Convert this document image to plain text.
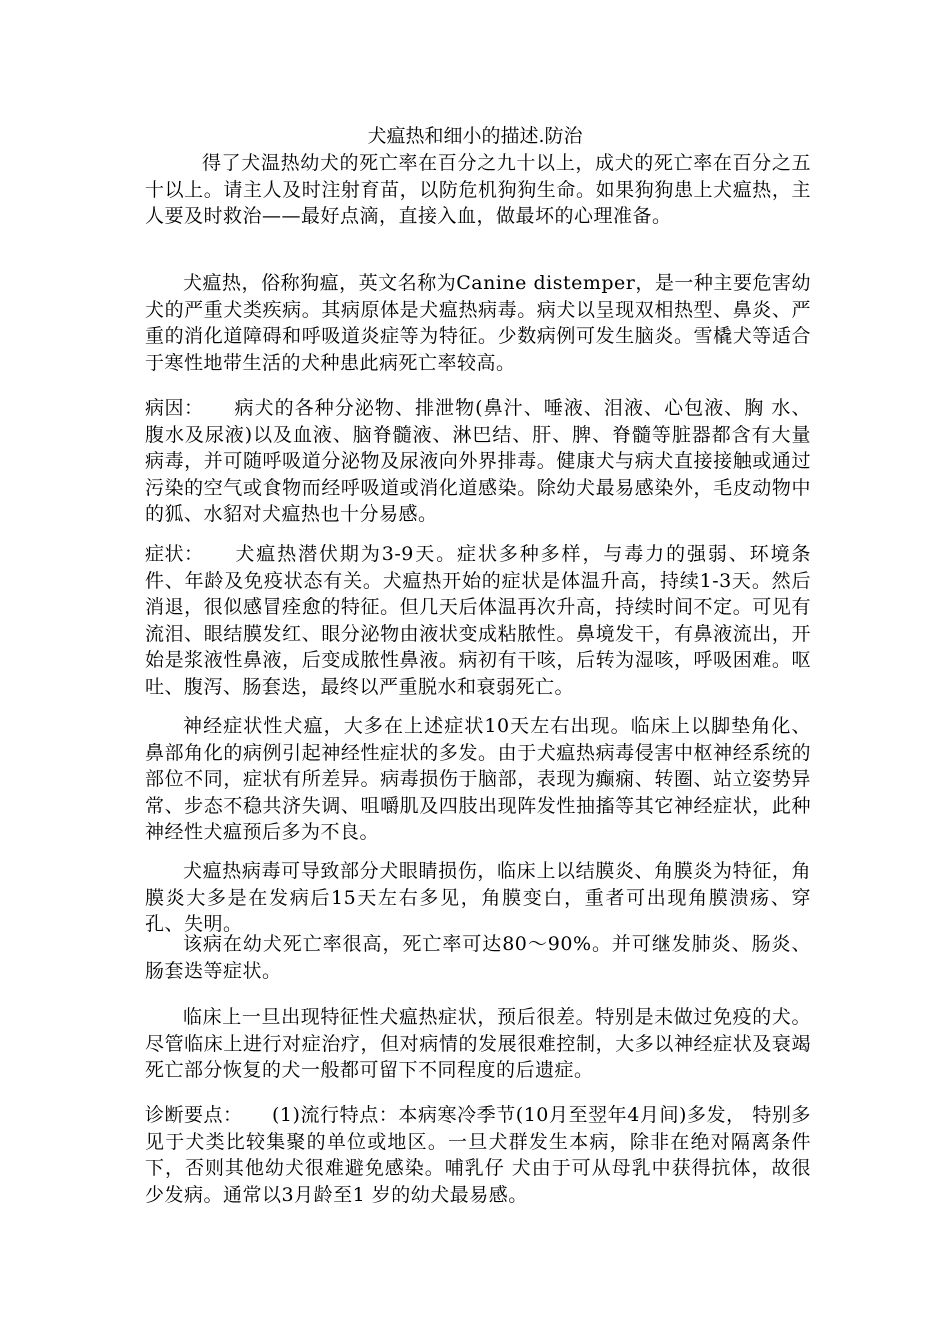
犬瘟热和细小的描述.防治
得了犬温热幼犬的死亡率在百分之九十以上，成犬的死亡率在百分之五十以上。请主人及时注射育苗，以防危机狗狗生命。如果狗狗患上犬瘟热，主人要及时救治——最好点滴，直接入血，做最坏的心理准备。
犬瘟热，俗称狗瘟，英文名称为Canine distemper，是一种主要危害幼犬的严重犬类疾病。其病原体是犬瘟热病毒。病犬以呈现双相热型、鼻炎、严重的消化道障碍和呼吸道炎症等为特征。少数病例可发生脑炎。雪橇犬等适合于寒性地带生活的犬种患此病死亡率较高。
病因： 病犬的各种分泌物、排泄物(鼻汁、唾液、泪液、心包液、胸 水、腹水及尿液)以及血液、脑脊髓液、淋巴结、肝、脾、脊髓等脏器都含有大量病毒，并可随呼吸道分泌物及尿液向外界排毒。健康犬与病犬直接接触或通过污染的空气或食物而经呼吸道或消化道感染。除幼犬最易感染外，毛皮动物中的狐、水貂对犬瘟热也十分易感。
症状： 犬瘟热潜伏期为3-9天。症状多种多样，与毒力的强弱、环境条件、年龄及免疫状态有关。犬瘟热开始的症状是体温升高，持续1-3天。然后消退，很似感冒痊愈的特征。但几天后体温再次升高，持续时间不定。可见有流泪、眼结膜发红、眼分泌物由液状变成粘脓性。鼻境发干，有鼻液流出，开始是浆液性鼻液，后变成脓性鼻液。病初有干咳，后转为湿咳，呼吸困难。呕吐、腹泻、肠套迭，最终以严重脱水和衰弱死亡。
神经症状性犬瘟，大多在上述症状10天左右出现。临床上以脚垫角化、鼻部角化的病例引起神经性症状的多发。由于犬瘟热病毒侵害中枢神经系统的部位不同，症状有所差异。病毒损伤于脑部，表现为癫痫、转圈、站立姿势异常、步态不稳共济失调、咀嚼肌及四肢出现阵发性抽搐等其它神经症状，此种神经性犬瘟预后多为不良。
犬瘟热病毒可导致部分犬眼睛损伤，临床上以结膜炎、角膜炎为特征，角膜炎大多是在发病后15天左右多见，角膜变白，重者可出现角膜溃疡、穿孔、失明。
该病在幼犬死亡率很高，死亡率可达80～90%。并可继发肺炎、肠炎、肠套迭等症状。
临床上一旦出现特征性犬瘟热症状，预后很差。特别是未做过免疫的犬。尽管临床上进行对症治疗，但对病情的发展很难控制，大多以神经症状及衰竭死亡部分恢复的犬一般都可留下不同程度的后遗症。
诊断要点： (1)流行特点：本病寒冷季节(10月至翌年4月间)多发， 特别多见于犬类比较集聚的单位或地区。一旦犬群发生本病，除非在绝对隔离条件下，否则其他幼犬很难避免感染。哺乳仔 犬由于可从母乳中获得抗体，故很少发病。通常以3月龄至1 岁的幼犬最易感。
